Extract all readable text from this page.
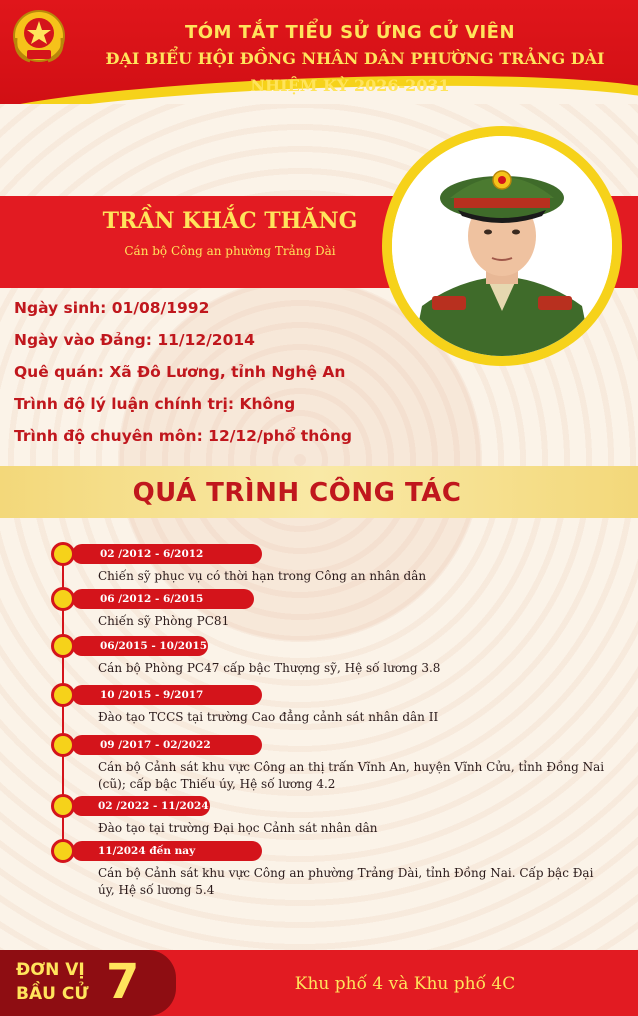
TÓM TẮT TIỂU SỬ ỨNG CỬ VIÊN
ĐẠI BIỂU HỘI ĐỒNG NHÂN DÂN PHƯỜNG TRẢNG DÀI
NHIỆM KỲ 2026-2031
TRẦN KHẮC THĂNG
Cán bộ Công an phường Trảng Dài
Ngày sinh: 01/08/1992
Ngày vào Đảng: 11/12/2014
Quê quán: Xã Đô Lương, tỉnh Nghệ An
Trình độ lý luận chính trị: Không
Trình độ chuyên môn: 12/12/phổ thông
QUÁ TRÌNH CÔNG TÁC
02 /2012 - 6/2012
Chiến sỹ phục vụ có thời hạn trong Công an nhân dân
06 /2012 - 6/2015
Chiến sỹ Phòng PC81
06/2015 - 10/2015
Cán bộ Phòng PC47 cấp bậc Thượng sỹ, Hệ số lương 3.8
10 /2015 - 9/2017
Đào tạo TCCS tại trường Cao đẳng cảnh sát nhân dân II
09 /2017 - 02/2022
Cán bộ Cảnh sát khu vực Công an thị trấn Vĩnh An, huyện Vĩnh Cửu, tỉnh Đồng Nai (cũ); cấp bậc Thiếu úy, Hệ số lương 4.2
02 /2022 - 11/2024
Đào tạo tại trường Đại học Cảnh sát nhân dân
11/2024 đến nay
Cán bộ Cảnh sát khu vực Công an phường Trảng Dài, tỉnh Đồng Nai. Cấp bậc Đại úy, Hệ số lương 5.4
ĐƠN VỊ
BẦU CỬ 7	Khu phố 4 và Khu phố 4C
